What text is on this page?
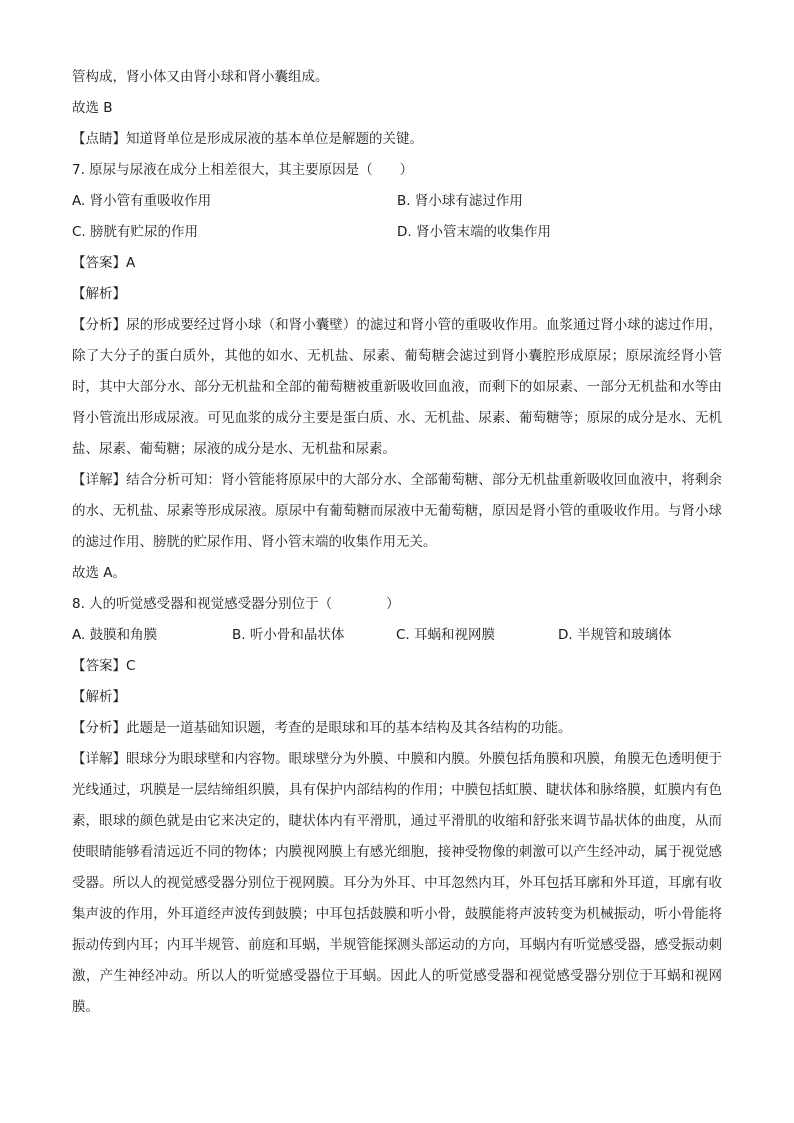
管构成，肾小体又由肾小球和肾小囊组成。
故选 B
【点睛】知道肾单位是形成尿液的基本单位是解题的关键。
7. 原尿与尿液在成分上相差很大，其主要原因是（　　）
A. 肾小管有重吸收作用	B. 肾小球有滤过作用
C. 膀胱有贮尿的作用	D. 肾小管末端的收集作用
【答案】A
【解析】
【分析】尿的形成要经过肾小球（和肾小囊壁）的滤过和肾小管的重吸收作用。血浆通过肾小球的滤过作用，除了大分子的蛋白质外，其他的如水、无机盐、尿素、葡萄糖会滤过到肾小囊腔形成原尿；原尿流经肾小管时，其中大部分水、部分无机盐和全部的葡萄糖被重新吸收回血液，而剩下的如尿素、一部分无机盐和水等由肾小管流出形成尿液。可见血浆的成分主要是蛋白质、水、无机盐、尿素、葡萄糖等；原尿的成分是水、无机盐、尿素、葡萄糖；尿液的成分是水、无机盐和尿素。
【详解】结合分析可知：肾小管能将原尿中的大部分水、全部葡萄糖、部分无机盐重新吸收回血液中，将剩余的水、无机盐、尿素等形成尿液。原尿中有葡萄糖而尿液中无葡萄糖，原因是肾小管的重吸收作用。与肾小球的滤过作用、膀胱的贮尿作用、肾小管末端的收集作用无关。
故选 A。
8. 人的听觉感受器和视觉感受器分别位于（　　　　）
A. 鼓膜和角膜	B. 听小骨和晶状体	C. 耳蜗和视网膜	D. 半规管和玻璃体
【答案】C
【解析】
【分析】此题是一道基础知识题，考查的是眼球和耳的基本结构及其各结构的功能。
【详解】眼球分为眼球壁和内容物。眼球壁分为外膜、中膜和内膜。外膜包括角膜和巩膜，角膜无色透明便于光线通过，巩膜是一层结缔组织膜，具有保护内部结构的作用；中膜包括虹膜、睫状体和脉络膜，虹膜内有色素，眼球的颜色就是由它来决定的，睫状体内有平滑肌，通过平滑肌的收缩和舒张来调节晶状体的曲度，从而使眼睛能够看清远近不同的物体；内膜视网膜上有感光细胞，接神受物像的刺激可以产生经冲动，属于视觉感受器。所以人的视觉感受器分别位于视网膜。耳分为外耳、中耳忽然内耳，外耳包括耳廓和外耳道，耳廓有收集声波的作用，外耳道经声波传到鼓膜；中耳包括鼓膜和听小骨，鼓膜能将声波转变为机械振动，听小骨能将振动传到内耳；内耳半规管、前庭和耳蜗，半规管能探测头部运动的方向，耳蜗内有听觉感受器，感受振动刺激，产生神经冲动。所以人的听觉感受器位于耳蜗。因此人的听觉感受器和视觉感受器分别位于耳蜗和视网膜。
